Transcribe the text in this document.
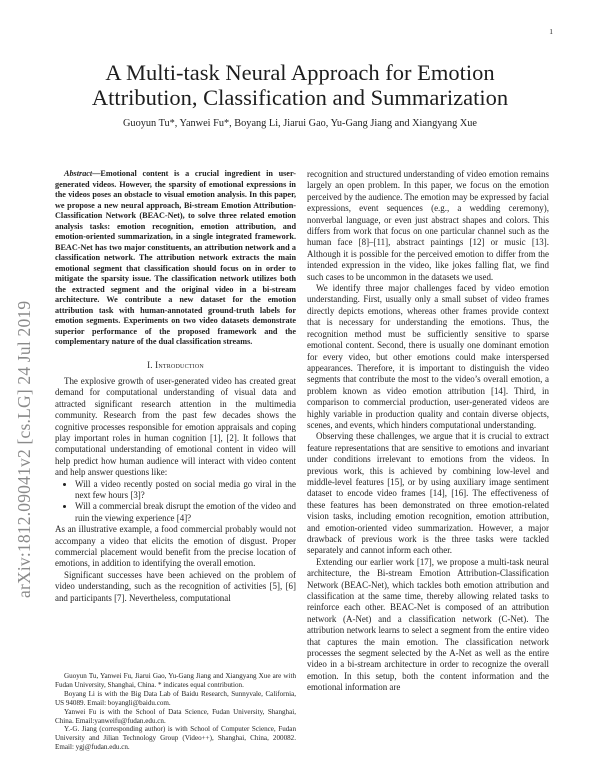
1
arXiv:1812.09041v2 [cs.LG] 24 Jul 2019
A Multi-task Neural Approach for Emotion
Attribution, Classification and Summarization
Guoyun Tu*, Yanwei Fu*, Boyang Li, Jiarui Gao, Yu-Gang Jiang and Xiangyang Xue

Abstract—Emotional content is a crucial ingredient in user-generated videos. However, the sparsity of emotional expressions in the videos poses an obstacle to visual emotion analysis. In this paper, we propose a new neural approach, Bi-stream Emotion Attribution-Classification Network (BEAC-Net), to solve three related emotion analysis tasks: emotion recognition, emotion attribution, and emotion-oriented summarization, in a single integrated framework. BEAC-Net has two major constituents, an attribution network and a classification network. The attribution network extracts the main emotional segment that classification should focus on in order to mitigate the sparsity issue. The classification network utilizes both the extracted segment and the original video in a bi-stream architecture. We contribute a new dataset for the emotion attribution task with human-annotated ground-truth labels for emotion segments. Experiments on two video datasets demonstrate superior performance of the proposed framework and the complementary nature of the dual classification streams.

I. Introduction

The explosive growth of user-generated video has created great demand for computational understanding of visual data and attracted significant research attention in the multimedia community. Research from the past few decades shows the cognitive processes responsible for emotion appraisals and coping play important roles in human cognition [1], [2]. It follows that computational understanding of emotional content in video will help predict how human audience will interact with video content and help answer questions like:

• Will a video recently posted on social media go viral in the next few hours [3]?
• Will a commercial break disrupt the emotion of the video and ruin the viewing experience [4]?

As an illustrative example, a food commercial probably would not accompany a video that elicits the emotion of disgust. Proper commercial placement would benefit from the precise location of emotions, in addition to identifying the overall emotion.

Significant successes have been achieved on the problem of video understanding, such as the recognition of activities [5], [6] and participants [7]. Nevertheless, computational

Guoyun Tu, Yanwei Fu, Jiarui Gao, Yu-Gang Jiang and Xiangyang Xue are with Fudan University, Shanghai, China. * indicates equal contribution.

Boyang Li is with the Big Data Lab of Baidu Research, Sunnyvale, California, US 94089. Email: boyangli@baidu.com.

Yanwei Fu is with the School of Data Science, Fudan University, Shanghai, China. Email:yanweifu@fudan.edu.cn.

Y.-G. Jiang (corresponding author) is with School of Computer Science, Fudan University and Jilian Technology Group (Video++), Shanghai, China, 200082. Email: ygj@fudan.edu.cn.

recognition and structured understanding of video emotion remains largely an open problem. In this paper, we focus on the emotion perceived by the audience. The emotion may be expressed by facial expressions, event sequences (e.g., a wedding ceremony), nonverbal language, or even just abstract shapes and colors. This differs from work that focus on one particular channel such as the human face [8]–[11], abstract paintings [12] or music [13]. Although it is possible for the perceived emotion to differ from the intended expression in the video, like jokes falling flat, we find such cases to be uncommon in the datasets we used.

We identify three major challenges faced by video emotion understanding. First, usually only a small subset of video frames directly depicts emotions, whereas other frames provide context that is necessary for understanding the emotions. Thus, the recognition method must be sufficiently sensitive to sparse emotional content. Second, there is usually one dominant emotion for every video, but other emotions could make interspersed appearances. Therefore, it is important to distinguish the video segments that contribute the most to the video’s overall emotion, a problem known as video emotion attribution [14]. Third, in comparison to commercial production, user-generated videos are highly variable in production quality and contain diverse objects, scenes, and events, which hinders computational understanding.

Observing these challenges, we argue that it is crucial to extract feature representations that are sensitive to emotions and invariant under conditions irrelevant to emotions from the videos. In previous work, this is achieved by combining low-level and middle-level features [15], or by using auxiliary image sentiment dataset to encode video frames [14], [16]. The effectiveness of these features has been demonstrated on three emotion-related vision tasks, including emotion recognition, emotion attribution, and emotion-oriented video summarization. However, a major drawback of previous work is the three tasks were tackled separately and cannot inform each other.

Extending our earlier work [17], we propose a multi-task neural architecture, the Bi-stream Emotion Attribution-Classification Network (BEAC-Net), which tackles both emotion attribution and classification at the same time, thereby allowing related tasks to reinforce each other. BEAC-Net is composed of an attribution network (A-Net) and a classification network (C-Net). The attribution network learns to select a segment from the entire video that captures the main emotion. The classification network processes the segment selected by the A-Net as well as the entire video in a bi-stream architecture in order to recognize the overall emotion. In this setup, both the content information and the emotional information are
